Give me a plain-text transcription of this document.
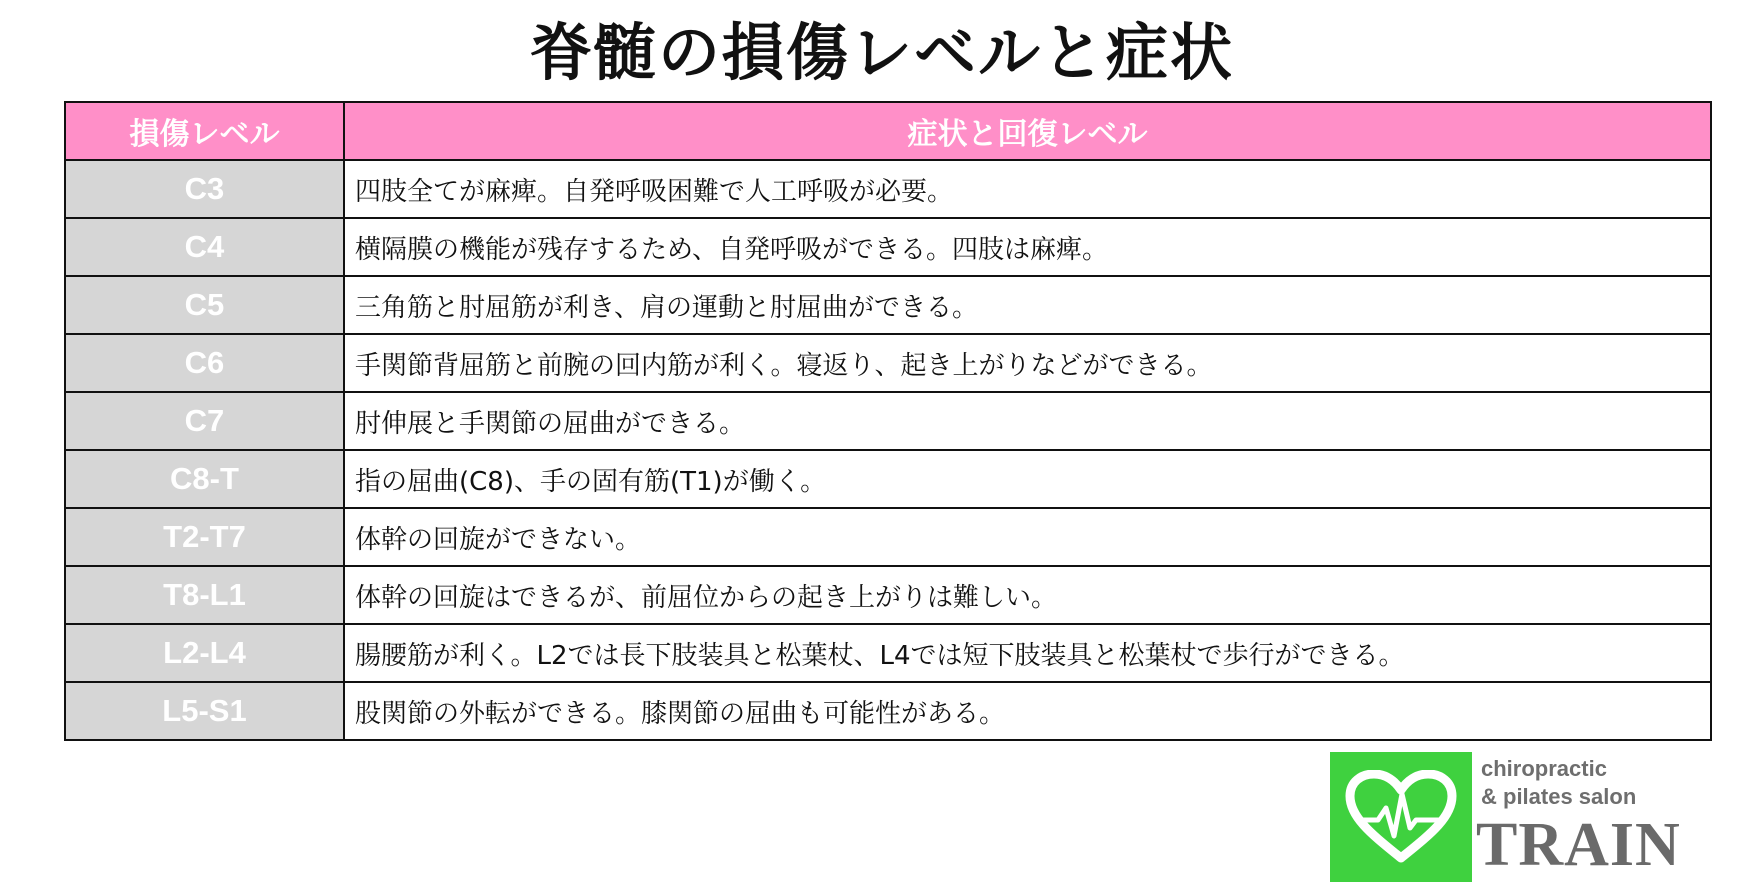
脊髄の損傷レベルと症状
損傷レベル	症状と回復レベル
C3	四肢全てが麻痺。自発呼吸困難で人工呼吸が必要。
C4	横隔膜の機能が残存するため、自発呼吸ができる。四肢は麻痺。
C5	三角筋と肘屈筋が利き、肩の運動と肘屈曲ができる。
C6	手関節背屈筋と前腕の回内筋が利く。寝返り、起き上がりなどができる。
C7	肘伸展と手関節の屈曲ができる。
C8-T	指の屈曲(C8)、手の固有筋(T1)が働く。
T2-T7	体幹の回旋ができない。
T8-L1	体幹の回旋はできるが、前屈位からの起き上がりは難しい。
L2-L4	腸腰筋が利く。L2では長下肢装具と松葉杖、L4では短下肢装具と松葉杖で歩行ができる。
L5-S1	股関節の外転ができる。膝関節の屈曲も可能性がある。
chiropractic
& pilates salon
TRAIN
